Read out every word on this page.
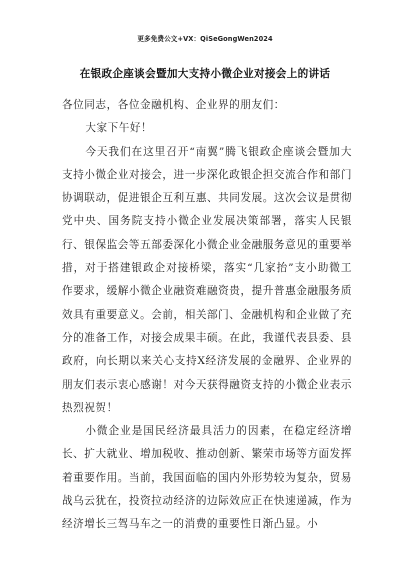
更多免费公文+VX：QiSeGongWen2024
在银政企座谈会暨加大支持小微企业对接会上的讲话

各位同志，各位金融机构、企业界的朋友们：

大家下午好！

今天我们在这里召开“南翼”腾飞银政企座谈会暨加大支持小微企业对接会，进一步深化政银企担交流合作和部门协调联动，促进银企互利互惠、共同发展。这次会议是贯彻党中央、国务院支持小微企业发展决策部署，落实人民银行、银保监会等五部委深化小微企业金融服务意见的重要举措，对于搭建银政企对接桥梁，落实“几家抬”支小助微工作要求，缓解小微企业融资难融资贵，提升普惠金融服务质效具有重要意义。会前，相关部门、金融机构和企业做了充分的准备工作，对接会成果丰硕。在此，我谨代表县委、县政府，向长期以来关心支持X经济发展的金融界、企业界的朋友们表示衷心感谢！对今天获得融资支持的小微企业表示热烈祝贺！

小微企业是国民经济最具活力的因素，在稳定经济增长、扩大就业、增加税收、推动创新、繁荣市场等方面发挥着重要作用。当前，我国面临的国内外形势较为复杂，贸易战乌云犹在，投资拉动经济的边际效应正在快速递减，作为经济增长三驾马车之一的消费的重要性日渐凸显。小
